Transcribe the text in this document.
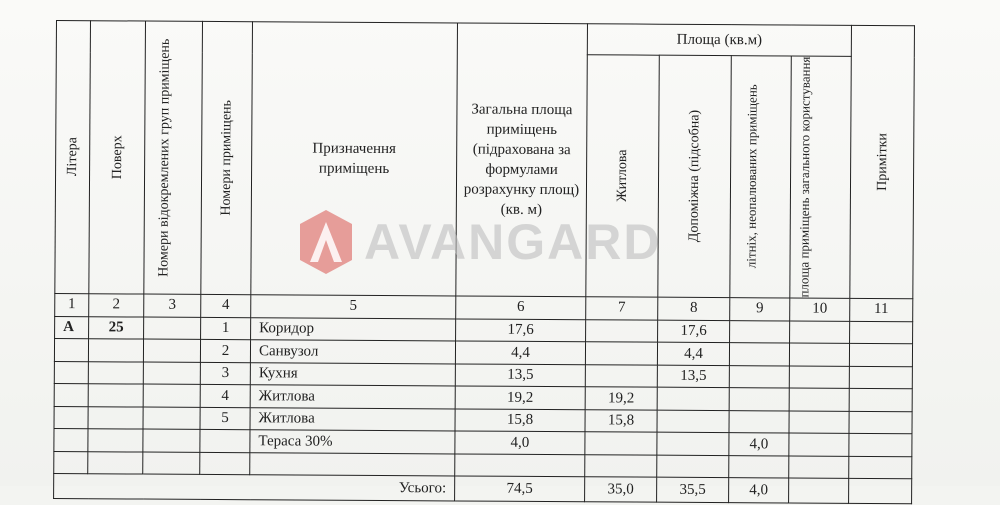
Літера	Поверх	Номери відокремлених груп приміщень	Номери приміщень	Призначення приміщень	Загальна площа приміщень (підрахована за формулами розрахунку площ) (кв. м)	Площа (кв.м)				Примітки

						Житлова	Допоміжна (підсобна)	літніх, неопалюваних приміщень	площа приміщень загального користування	

1	2	3	4	5	6	7	8	9	10	11
А	25		1	Коридор	17,6		17,6			
			2	Санвузол	4,4		4,4			
			3	Кухня	13,5		13,5			
			4	Житлова	19,2	19,2				
			5	Житлова	15,8	15,8				
				Тераса 30%	4,0			4,0		

Усього:					74,5	35,0	35,5	4,0		
AVANGARD
